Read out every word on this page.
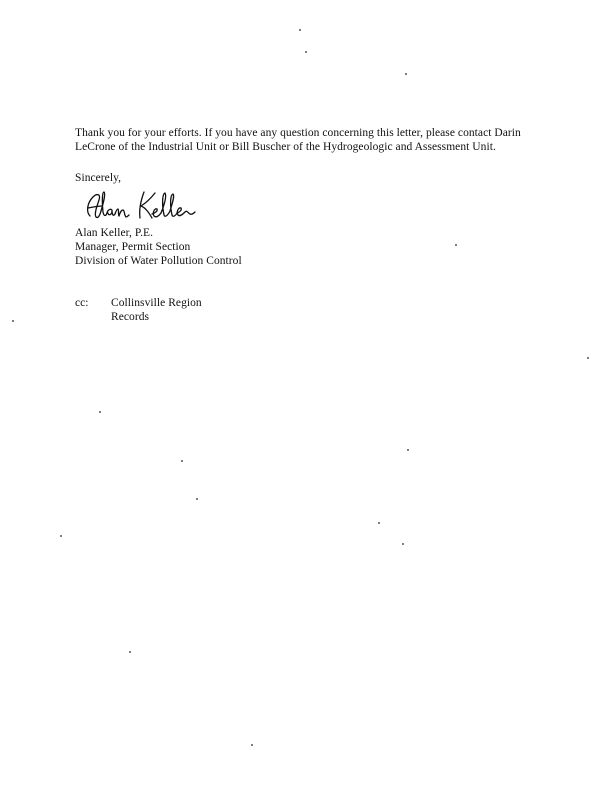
Thank you for your efforts. If you have any question concerning this letter, please contact Darin
LeCrone of the Industrial Unit or Bill Buscher of the Hydrogeologic and Assessment Unit.
Sincerely,
Alan Keller, P.E.
Manager, Permit Section
Division of Water Pollution Control
cc: Collinsville Region
Records
